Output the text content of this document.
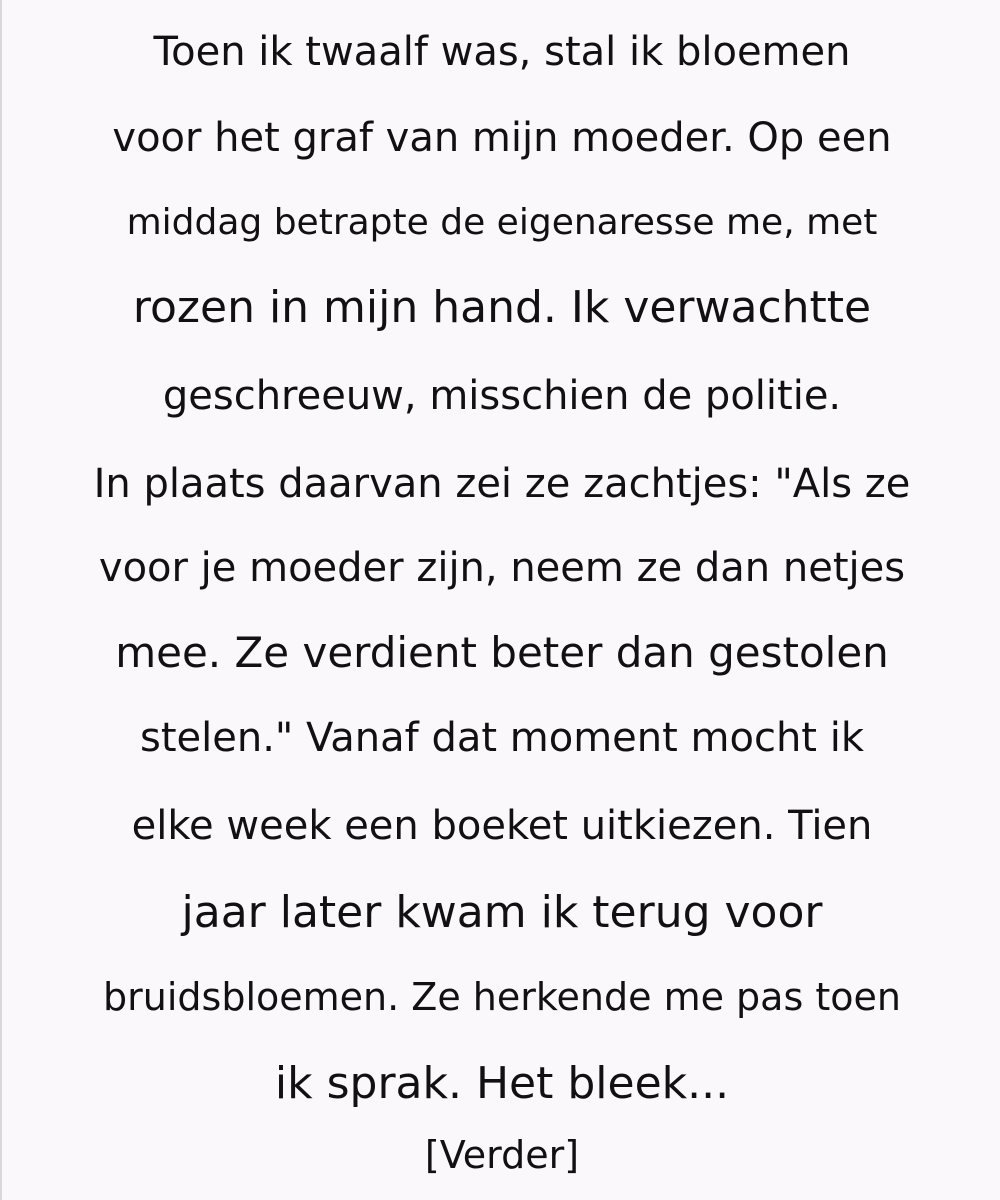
Toen ik twaalf was, stal ik bloemen
voor het graf van mijn moeder. Op een
middag betrapte de eigenaresse me, met
rozen in mijn hand. Ik verwachtte
geschreeuw, misschien de politie.
In plaats daarvan zei ze zachtjes: "Als ze
voor je moeder zijn, neem ze dan netjes
mee. Ze verdient beter dan gestolen
stelen." Vanaf dat moment mocht ik
elke week een boeket uitkiezen. Tien
jaar later kwam ik terug voor
bruidsbloemen. Ze herkende me pas toen
ik sprak. Het bleek...
[Verder]
